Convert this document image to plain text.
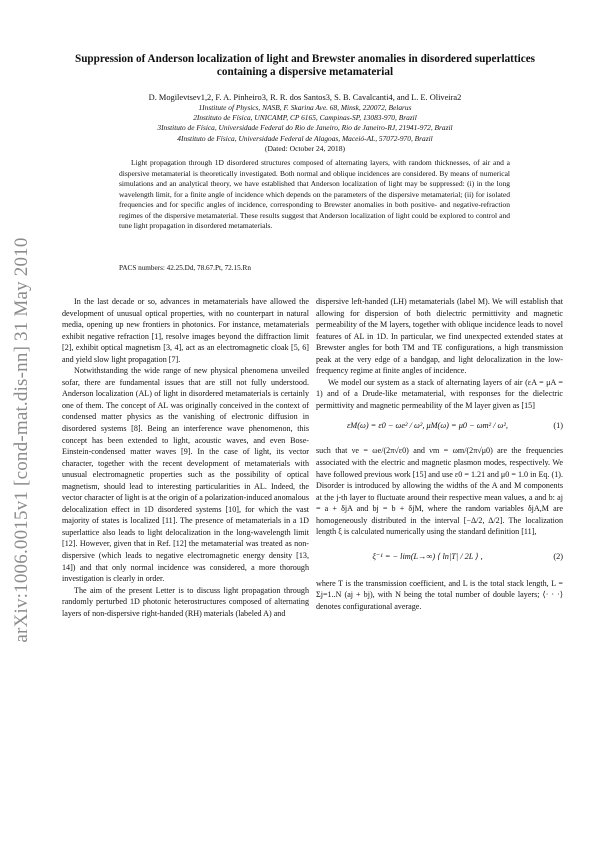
arXiv:1006.0015v1 [cond-mat.dis-nn] 31 May 2010
Suppression of Anderson localization of light and Brewster anomalies in disordered superlattices containing a dispersive metamaterial
D. Mogilevtsev1,2, F. A. Pinheiro3, R. R. dos Santos3, S. B. Cavalcanti4, and L. E. Oliveira2
1Institute of Physics, NASB, F. Skarina Ave. 68, Minsk, 220072, Belarus
2Instituto de Física, UNICAMP, CP 6165, Campinas-SP, 13083-970, Brazil
3Instituto de Física, Universidade Federal do Rio de Janeiro, Rio de Janeiro-RJ, 21941-972, Brazil
4Instituto de Física, Universidade Federal de Alagoas, Maceió-AL, 57072-970, Brazil
(Dated: October 24, 2018)
Light propagation through 1D disordered structures composed of alternating layers, with random thicknesses, of air and a dispersive metamaterial is theoretically investigated. Both normal and oblique incidences are considered. By means of numerical simulations and an analytical theory, we have established that Anderson localization of light may be suppressed: (i) in the long wavelength limit, for a finite angle of incidence which depends on the parameters of the dispersive metamaterial; (ii) for isolated frequencies and for specific angles of incidence, corresponding to Brewster anomalies in both positive- and negative-refraction regimes of the dispersive metamaterial. These results suggest that Anderson localization of light could be explored to control and tune light propagation in disordered metamaterials.
PACS numbers: 42.25.Dd, 78.67.Pt, 72.15.Rn

In the last decade or so, advances in metamaterials have allowed the development of unusual optical properties, with no counterpart in natural media, opening up new frontiers in photonics. For instance, metamaterials exhibit negative refraction [1], resolve images beyond the diffraction limit [2], exhibit optical magnetism [3, 4], act as an electromagnetic cloak [5, 6] and yield slow light propagation [7].

Notwithstanding the wide range of new physical phenomena unveiled sofar, there are fundamental issues that are still not fully understood. Anderson localization (AL) of light in disordered metamaterials is certainly one of them. The concept of AL was originally conceived in the context of condensed matter physics as the vanishing of electronic diffusion in disordered systems [8]. Being an interference wave phenomenon, this concept has been extended to light, acoustic waves, and even Bose-Einstein-condensed matter waves [9]. In the case of light, its vector character, together with the recent development of metamaterials with unusual electromagnetic properties such as the possibility of optical magnetism, should lead to interesting particularities in AL. Indeed, the vector character of light is at the origin of a polarization-induced anomalous delocalization effect in 1D disordered systems [10], for which the vast majority of states is localized [11]. The presence of metamaterials in a 1D superlattice also leads to light delocalization in the long-wavelength limit [12]. However, given that in Ref. [12] the metamaterial was treated as non-dispersive (which leads to negative electromagnetic energy density [13, 14]) and that only normal incidence was considered, a more thorough investigation is clearly in order.

The aim of the present Letter is to discuss light propagation through randomly perturbed 1D photonic heterostructures composed of alternating layers of non-dispersive right-handed (RH) materials (labeled A) and

dispersive left-handed (LH) metamaterials (label M). We will establish that allowing for dispersion of both dielectric permittivity and magnetic permeability of the M layers, together with oblique incidence leads to novel features of AL in 1D. In particular, we find unexpected extended states at Brewster angles for both TM and TE configurations, a high transmission peak at the very edge of a bandgap, and light delocalization in the low-frequency regime at finite angles of incidence.

We model our system as a stack of alternating layers of air (εA = μA = 1) and of a Drude-like metamaterial, with responses for the dielectric permittivity and magnetic permeability of the M layer given as [15]

εM(ω) = ε0 − ωe² / ω², μM(ω) = μ0 − ωm² / ω²,	(1)

such that νe = ωe/(2π√ε0) and νm = ωm/(2π√μ0) are the frequencies associated with the electric and magnetic plasmon modes, respectively. We have followed previous work [15] and use ε0 = 1.21 and μ0 = 1.0 in Eq. (1). Disorder is introduced by allowing the widths of the A and M components at the j-th layer to fluctuate around their respective mean values, a and b: aj = a + δjA and bj = b + δjM, where the random variables δjA,M are homogeneously distributed in the interval [−Δ/2, Δ/2]. The localization length ξ is calculated numerically using the standard definition [11],

ξ⁻¹ = − lim(L→∞) ⟨ ln|T| / 2L ⟩ ,	(2)

where T is the transmission coefficient, and L is the total stack length, L = Σj=1..N (aj + bj), with N being the total number of double layers; ⟨· · ·⟩ denotes configurational average.
